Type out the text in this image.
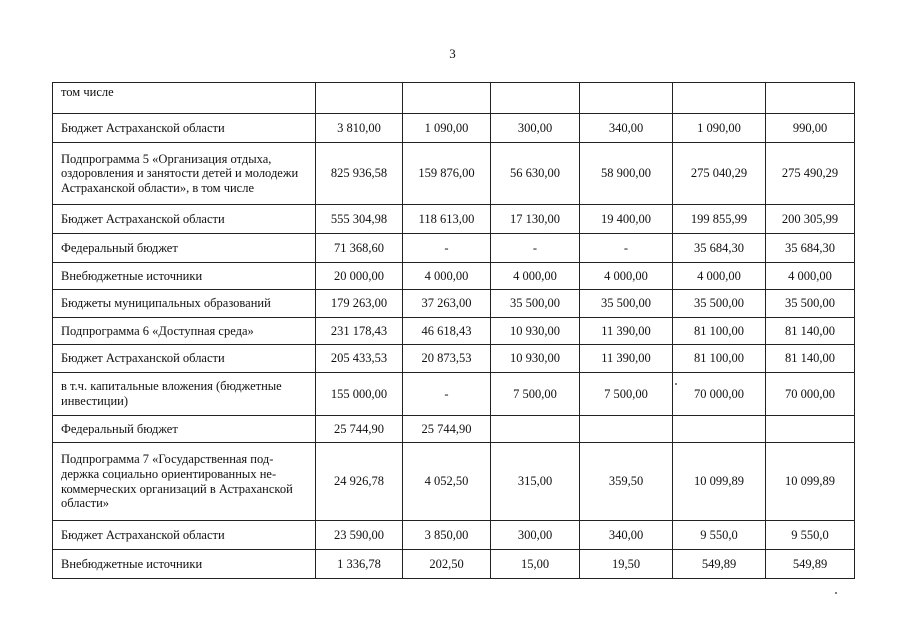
3
том числе						
Бюджет Астраханской области	3 810,00	1 090,00	300,00	340,00	1 090,00	990,00
Подпрограмма 5 «Организация отдыха, оздоровления и занятости детей и молодежи Астраханской области», в том числе	825 936,58	159 876,00	56 630,00	58 900,00	275 040,29	275 490,29
Бюджет Астраханской области	555 304,98	118 613,00	17 130,00	19 400,00	199 855,99	200 305,99
Федеральный бюджет	71 368,60	-	-	-	35 684,30	35 684,30
Внебюджетные источники	20 000,00	4 000,00	4 000,00	4 000,00	4 000,00	4 000,00
Бюджеты муниципальных образований	179 263,00	37 263,00	35 500,00	35 500,00	35 500,00	35 500,00
Подпрограмма 6 «Доступная среда»	231 178,43	46 618,43	10 930,00	11 390,00	81 100,00	81 140,00
Бюджет Астраханской области	205 433,53	20 873,53	10 930,00	11 390,00	81 100,00	81 140,00
в т.ч. капитальные вложения (бюджетные инвестиции)	155 000,00	-	7 500,00	7 500,00	70 000,00	70 000,00
Федеральный бюджет	25 744,90	25 744,90				
Подпрограмма 7 «Государственная под-держка социально ориентированных не-коммерческих организаций в Астраханской области»	24 926,78	4 052,50	315,00	359,50	10 099,89	10 099,89
Бюджет Астраханской области	23 590,00	3 850,00	300,00	340,00	9 550,0	9 550,0
Внебюджетные источники	1 336,78	202,50	15,00	19,50	549,89	549,89
